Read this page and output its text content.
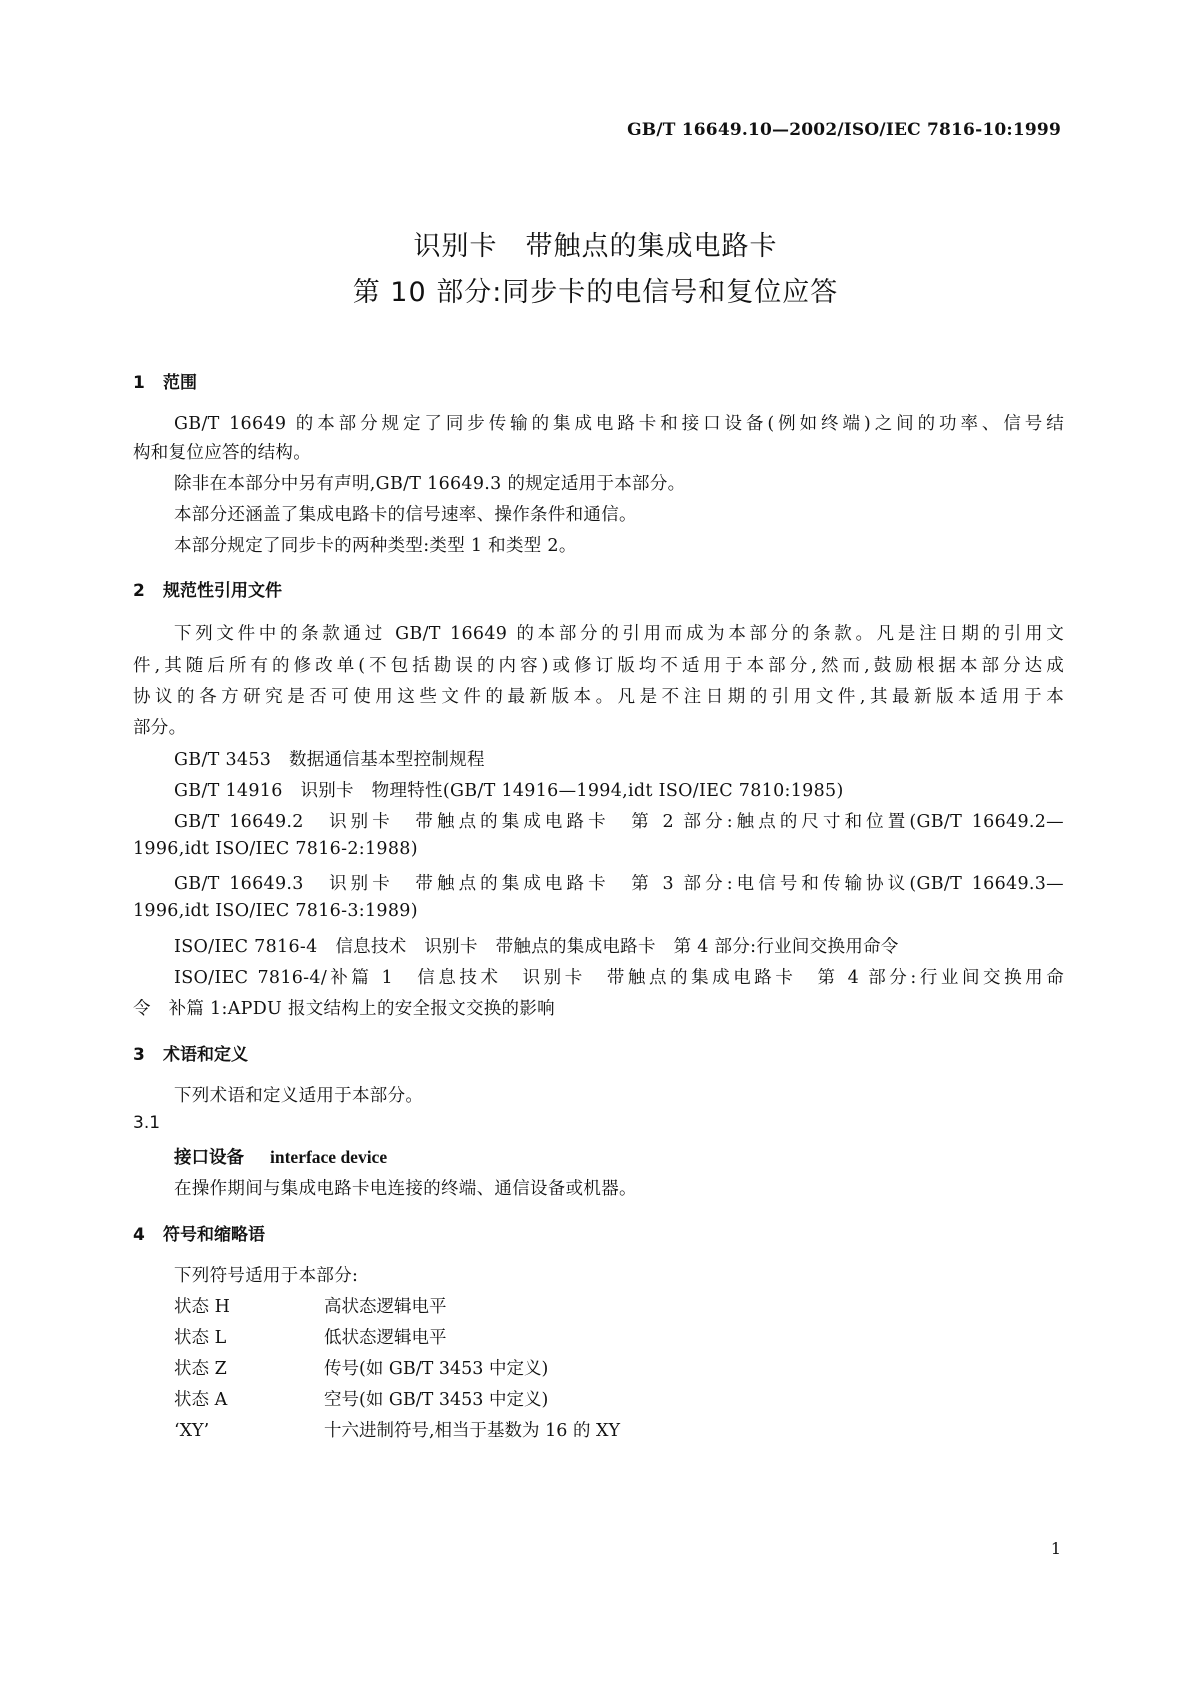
GB/T 16649.10—2002/ISO/IEC 7816-10:1999
识别卡　带触点的集成电路卡
第 10 部分:同步卡的电信号和复位应答
1 范围
GB/T 16649 的本部分规定了同步传输的集成电路卡和接口设备(例如终端)之间的功率、信号结
构和复位应答的结构。
除非在本部分中另有声明,GB/T 16649.3 的规定适用于本部分。
本部分还涵盖了集成电路卡的信号速率、操作条件和通信。
本部分规定了同步卡的两种类型:类型 1 和类型 2。
2 规范性引用文件
下列文件中的条款通过 GB/T 16649 的本部分的引用而成为本部分的条款。凡是注日期的引用文
件,其随后所有的修改单(不包括勘误的内容)或修订版均不适用于本部分,然而,鼓励根据本部分达成
协议的各方研究是否可使用这些文件的最新版本。凡是不注日期的引用文件,其最新版本适用于本
部分。
GB/T 3453　数据通信基本型控制规程
GB/T 14916　识别卡　物理特性(GB/T 14916—1994,idt ISO/IEC 7810:1985)
GB/T 16649.2　识别卡　带触点的集成电路卡　第 2 部分:触点的尺寸和位置(GB/T 16649.2—
1996,idt ISO/IEC 7816-2:1988)
GB/T 16649.3　识别卡　带触点的集成电路卡　第 3 部分:电信号和传输协议(GB/T 16649.3—
1996,idt ISO/IEC 7816-3:1989)
ISO/IEC 7816-4　信息技术　识别卡　带触点的集成电路卡　第 4 部分:行业间交换用命令
ISO/IEC 7816-4/补篇 1　信息技术　识别卡　带触点的集成电路卡　第 4 部分:行业间交换用命
令　补篇 1:APDU 报文结构上的安全报文交换的影响
3 术语和定义
下列术语和定义适用于本部分。
3.1
接口设备 interface device
在操作期间与集成电路卡电连接的终端、通信设备或机器。
4 符号和缩略语
下列符号适用于本部分:
状态 H	高状态逻辑电平
状态 L	低状态逻辑电平
状态 Z	传号(如 GB/T 3453 中定义)
状态 A	空号(如 GB/T 3453 中定义)
‘XY’	十六进制符号,相当于基数为 16 的 XY
1
